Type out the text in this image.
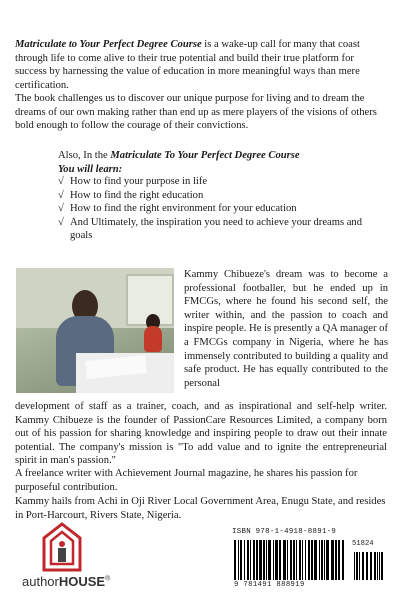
Matriculate to Your Perfect Degree Course is a wake-up call for many that coast through life to come alive to their true potential and build their true platform for success by harnessing the value of education in more meaningful ways than mere certification.
The book challenges us to discover our unique purpose for living and to dream the dreams of our own making rather than end up as mere players of the visions of others bold enough to follow the courage of their convictions.
Also, In the Matriculate To Your Perfect Degree Course
You will learn:
√ How to find your purpose in life
√ How to find the right education
√ How to find the right environment for your education
√ And Ultimately, the inspiration you need to achieve your dreams and goals
Kammy Chibueze's dream was to become a professional footballer, but he ended up in FMCGs, where he found his second self, the writer within, and the passion to coach and inspire people. He is presently a QA manager of a FMCGs company in Nigeria, where he has immensely contributed to building a quality and safe product. He has equally contributed to the personal
development of staff as a trainer, coach, and as inspirational and self-help writer. Kammy Chibueze is the founder of PassionCare Resources Limited, a company born out of his passion for sharing knowledge and inspiring people to draw out their innate potential. The company's mission is "To add value and to ignite the entrepreneurial spirit in man's passion."
A freelance writer with Achievement Journal magazine, he shares his passion for purposeful contribution.
Kammy hails from Achi in Oji River Local Government Area, Enugu State, and resides in Port-Harcourt, Rivers State, Nigeria.
authorHOUSE®
ISBN 978-1-4918-8891-9
51824
9 781491 888919
